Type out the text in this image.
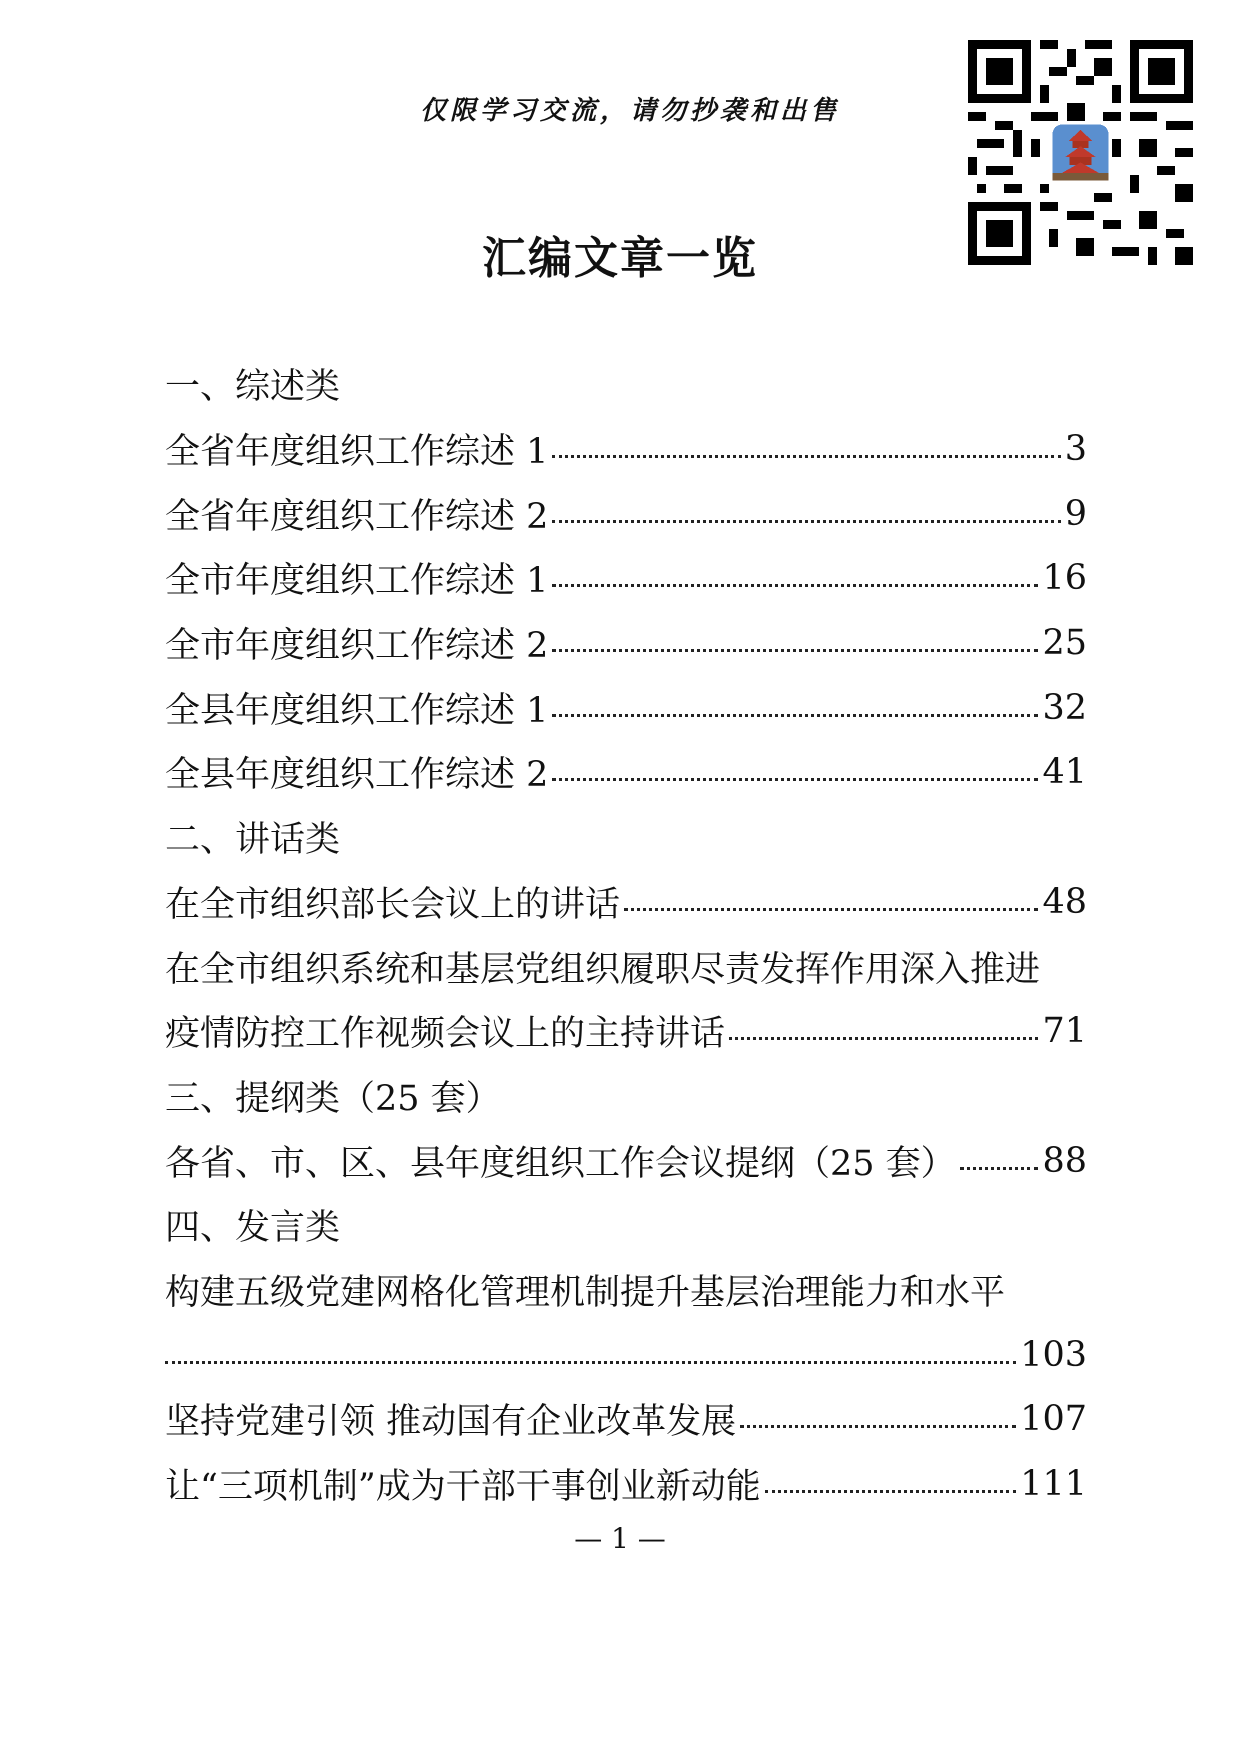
仅限学习交流，请勿抄袭和出售
汇编文章一览
一、综述类
全省年度组织工作综述 1	3
全省年度组织工作综述 2	9
全市年度组织工作综述 1	16
全市年度组织工作综述 2	25
全县年度组织工作综述 1	32
全县年度组织工作综述 2	41
二、讲话类
在全市组织部长会议上的讲话	48
在全市组织系统和基层党组织履职尽责发挥作用深入推进
疫情防控工作视频会议上的主持讲话	71
三、提纲类（25 套）
各省、市、区、县年度组织工作会议提纲（25 套） 88
四、发言类
构建五级党建网格化管理机制提升基层治理能力和水平
103
坚持党建引领 推动国有企业改革发展	107
让“三项机制”成为干部干事创业新动能	111
— 1 —
